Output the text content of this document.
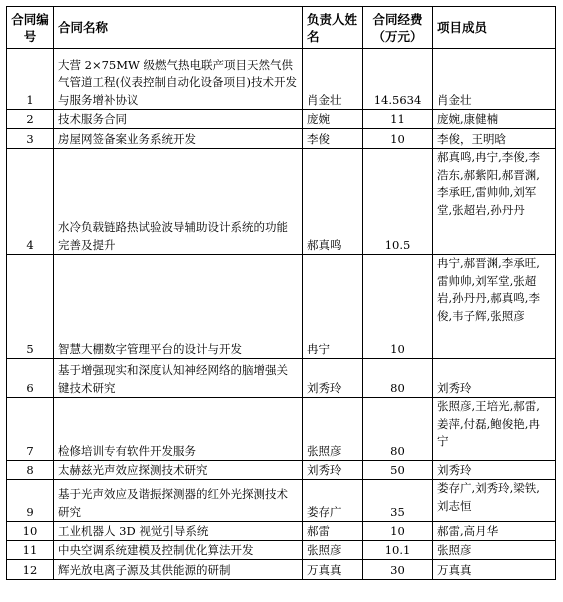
合同编号	合同名称	负责人姓名	合同经费（万元）	项目成员
1	大营 2×75MW 级燃气热电联产项目天然气供气管道工程(仪表控制自动化设备项目)技术开发与服务增补协议	肖金壮	14.5634	肖金壮
2	技术服务合同	庞婉	11	庞婉,康健楠
3	房屋网签备案业务系统开发	李俊	10	李俊，王明晗
4	水冷负载链路热试验波导辅助设计系统的功能完善及提升	郝真鸣	10.5	郝真鸣,冉宁,李俊,李浩东,郝紫阳,郝晋渊,李承旺,雷帅帅,刘军堂,张超岩,孙丹丹
5	智慧大棚数字管理平台的设计与开发	冉宁	10	冉宁,郝晋渊,李承旺,雷帅帅,刘军堂,张超岩,孙丹丹,郝真鸣,李俊,韦子辉,张照彦
6	基于增强现实和深度认知神经网络的脑增强关键技术研究	刘秀玲	80	刘秀玲
7	检修培训专有软件开发服务	张照彦	80	张照彦,王培光,郝雷,姜萍,付磊,鲍俊艳,冉宁
8	太赫兹光声效应探测技术研究	刘秀玲	50	刘秀玲
9	基于光声效应及谐振探测器的红外光探测技术研究	娄存广	35	娄存广,刘秀玲,梁铁,刘志恒
10	工业机器人 3D 视觉引导系统	郝雷	10	郝雷,高月华
11	中央空调系统建模及控制优化算法开发	张照彦	10.1	张照彦
12	辉光放电离子源及其供能源的研制	万真真	30	万真真
